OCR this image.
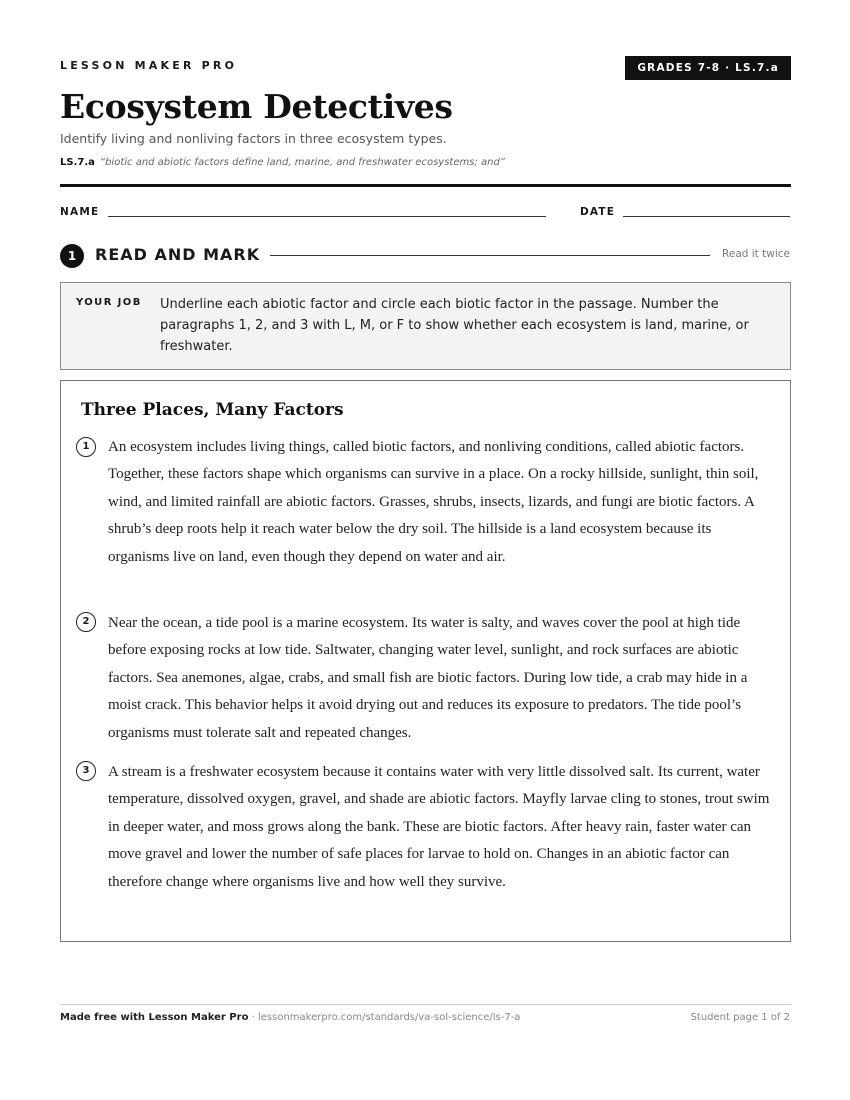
LESSON MAKER PRO	GRADES 7-8 · LS.7.a
Ecosystem Detectives
Identify living and nonliving factors in three ecosystem types.
LS.7.a “biotic and abiotic factors define land, marine, and freshwater ecosystems; and”
NAME	DATE
1	READ AND MARK	Read it twice
YOUR JOB Underline each abiotic factor and circle each biotic factor in the passage. Number the paragraphs 1, 2, and 3 with L, M, or F to show whether each ecosystem is land, marine, or freshwater.
Three Places, Many Factors
1	An ecosystem includes living things, called biotic factors, and nonliving conditions, called abiotic factors. Together, these factors shape which organisms can survive in a place. On a rocky hillside, sunlight, thin soil, wind, and limited rainfall are abiotic factors. Grasses, shrubs, insects, lizards, and fungi are biotic factors. A shrub’s deep roots help it reach water below the dry soil. The hillside is a land ecosystem because its organisms live on land, even though they depend on water and air.

2	Near the ocean, a tide pool is a marine ecosystem. Its water is salty, and waves cover the pool at high tide before exposing rocks at low tide. Saltwater, changing water level, sunlight, and rock surfaces are abiotic factors. Sea anemones, algae, crabs, and small fish are biotic factors. During low tide, a crab may hide in a moist crack. This behavior helps it avoid drying out and reduces its exposure to predators. The tide pool’s organisms must tolerate salt and repeated changes.

3	A stream is a freshwater ecosystem because it contains water with very little dissolved salt. Its current, water temperature, dissolved oxygen, gravel, and shade are abiotic factors. Mayfly larvae cling to stones, trout swim in deeper water, and moss grows along the bank. These are biotic factors. After heavy rain, faster water can move gravel and lower the number of safe places for larvae to hold on. Changes in an abiotic factor can therefore change where organisms live and how well they survive.

Made free with Lesson Maker Pro · lessonmakerpro.com/standards/va-sol-science/ls-7-a	Student page 1 of 2
